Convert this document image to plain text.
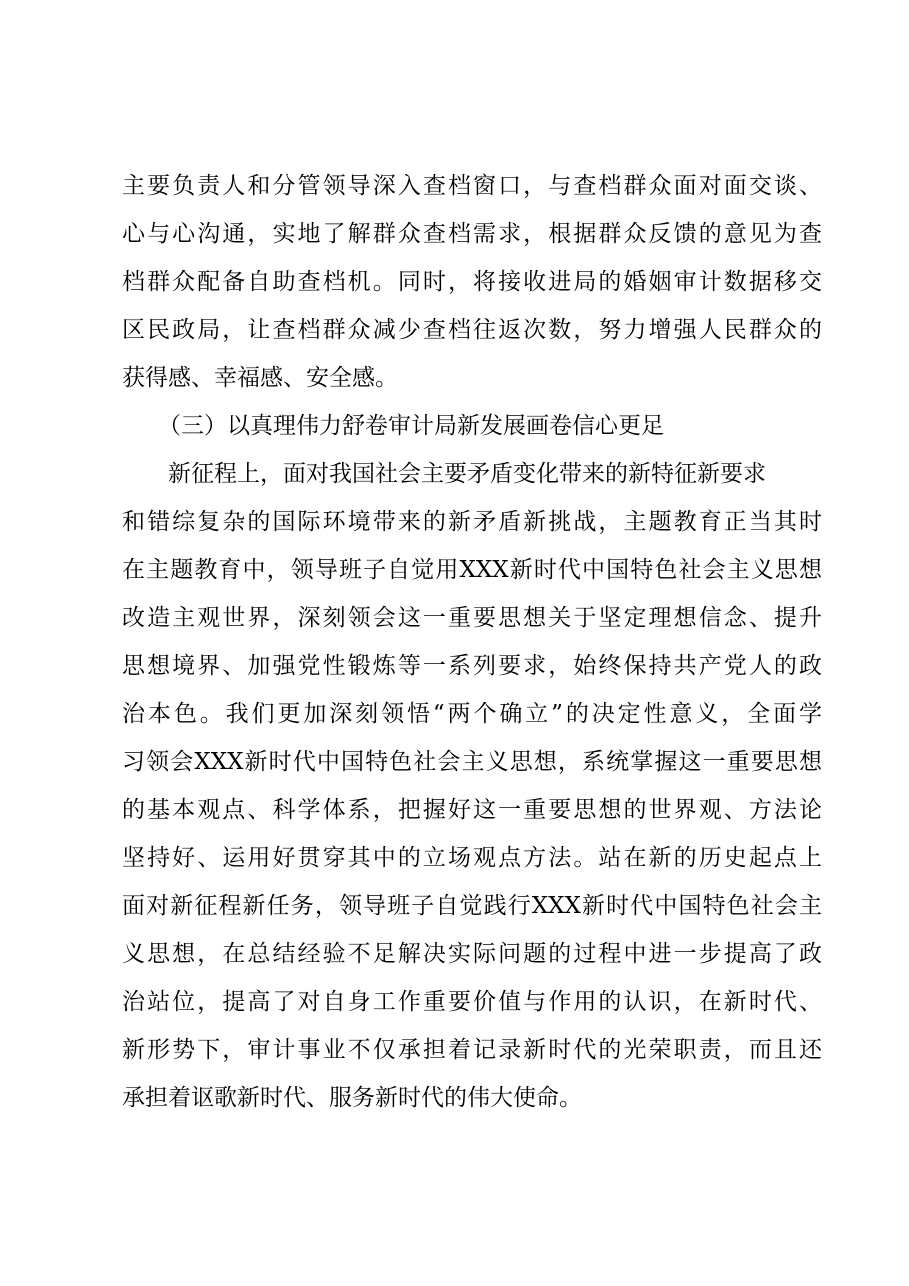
主要负责人和分管领导深入查档窗口，与查档群众面对面交谈、
心与心沟通，实地了解群众查档需求，根据群众反馈的意见为查
档群众配备自助查档机。同时，将接收进局的婚姻审计数据移交
区民政局，让查档群众减少查档往返次数，努力增强人民群众的
获得感、幸福感、安全感。
（三）以真理伟力舒卷审计局新发展画卷信心更足
新征程上，面对我国社会主要矛盾变化带来的新特征新要求
和错综复杂的国际环境带来的新矛盾新挑战，主题教育正当其时
在主题教育中，领导班子自觉用XXX新时代中国特色社会主义思想
改造主观世界，深刻领会这一重要思想关于坚定理想信念、提升
思想境界、加强党性锻炼等一系列要求，始终保持共产党人的政
治本色。我们更加深刻领悟“两个确立”的决定性意义，全面学
习领会XXX新时代中国特色社会主义思想，系统掌握这一重要思想
的基本观点、科学体系，把握好这一重要思想的世界观、方法论
坚持好、运用好贯穿其中的立场观点方法。站在新的历史起点上
面对新征程新任务，领导班子自觉践行XXX新时代中国特色社会主
义思想，在总结经验不足解决实际问题的过程中进一步提高了政
治站位，提高了对自身工作重要价值与作用的认识，在新时代、
新形势下，审计事业不仅承担着记录新时代的光荣职责，而且还
承担着讴歌新时代、服务新时代的伟大使命。
